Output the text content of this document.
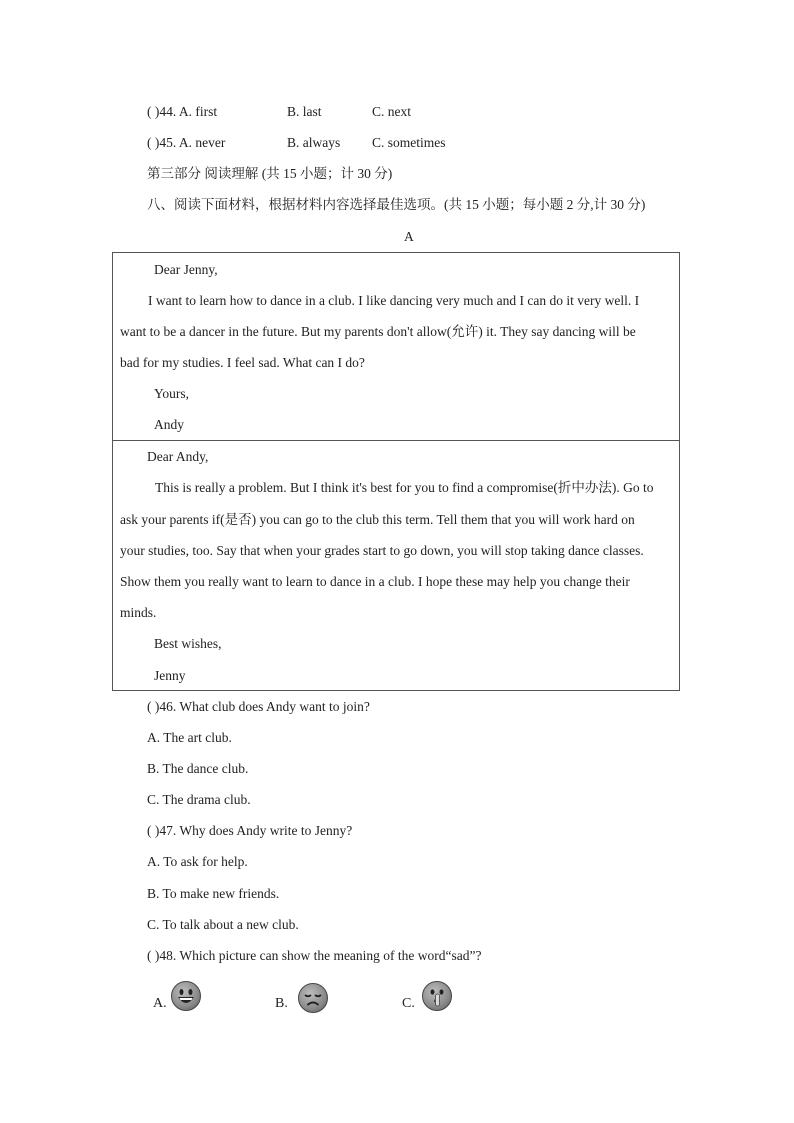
( )44. A. first	B. last	C. next
( )45. A. never	B. always C. sometimes
第三部分 阅读理解 (共 15 小题；计 30 分)
八、阅读下面材料，根据材料内容选择最佳选项。(共 15 小题；每小题 2 分,计 30 分)
A
Dear Jenny,
I want to learn how to dance in a club. I like dancing very much and I can do it very well. I
want to be a dancer in the future. But my parents don't allow(允许) it. They say dancing will be
bad for my studies. I feel sad. What can I do?
Yours,
Andy
Dear Andy,
This is really a problem. But I think it's best for you to find a compromise(折中办法). Go to
ask your parents if(是否) you can go to the club this term. Tell them that you will work hard on
your studies, too. Say that when your grades start to go down, you will stop taking dance classes.
Show them you really want to learn to dance in a club. I hope these may help you change their
minds.
Best wishes,
Jenny
( )46. What club does Andy want to join?
A. The art club.
B. The dance club.
C. The drama club.
( )47. Why does Andy write to Jenny?
A. To ask for help.
B. To make new friends.
C. To talk about a new club.
( )48. Which picture can show the meaning of the word“sad”?
A.	B.	C.
